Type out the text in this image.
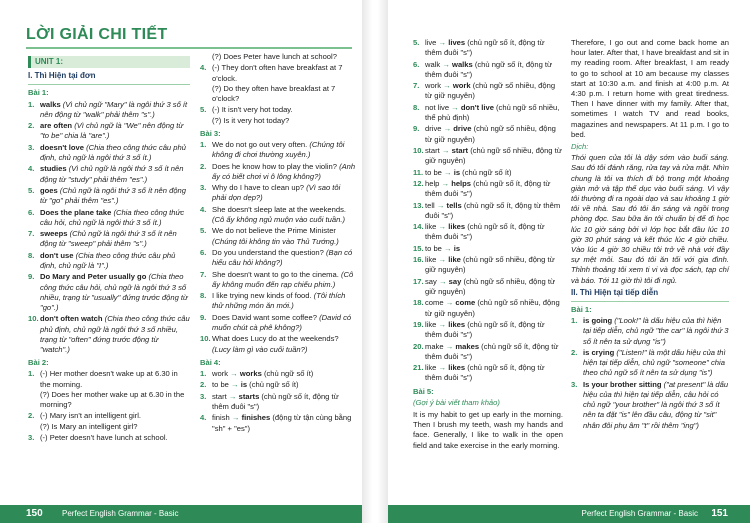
LỜI GIẢI CHI TIẾT
UNIT 1:
I. Thì Hiện tại đơn
Bài 1:
1. walks (Vì chủ ngữ "Mary" là ngôi thứ 3 số ít nên động từ "walk" phải thêm "s".)
2. are often (Vì chủ ngữ là "We" nên động từ "to be" chia là "are".)
3. doesn't love (Chia theo công thức câu phủ định, chủ ngữ là ngôi thứ 3 số ít.)
4. studies (Vì chủ ngữ là ngôi thứ 3 số ít nên động từ "study" phải thêm "es".)
5. goes (Chủ ngữ là ngôi thứ 3 số ít nên động từ "go" phải thêm "es".)
6. Does the plane take (Chia theo công thức câu hỏi, chủ ngữ là ngôi thứ 3 số ít.)
7. sweeps (Chủ ngữ là ngôi thứ 3 số ít nên động từ "sweep" phải thêm "s".)
8. don't use (Chia theo công thức câu phủ định, chủ ngữ là "I".)
9. Do Mary and Peter usually go (Chia theo công thức câu hỏi, chủ ngữ là ngôi thứ 3 số nhiều, trạng từ "usually" đứng trước động từ "go".)
10. don't often watch (Chia theo công thức câu phủ định, chủ ngữ là ngôi thứ 3 số nhiều, trạng từ "often" đứng trước động từ "watch".)
Bài 2:
1. (-) Her mother doesn't wake up at 6.30 in the morning.
(?) Does her mother wake up at 6.30 in the morning?
2. (-) Mary isn't an intelligent girl.
(?) Is Mary an intelligent girl?
3. (-) Peter doesn't have lunch at school.
(?) Does Peter have lunch at school?
4. (-) They don't often have breakfast at 7 o'clock.
(?) Do they often have breakfast at 7 o'clock?
5. (-) It isn't very hot today.
(?) Is it very hot today?
Bài 3:
1. We do not go out very often. (Chúng tôi không đi chơi thường xuyên.)
2. Does he know how to play the violin? (Anh ấy có biết chơi vi ô lông không?)
3. Why do I have to clean up? (Vì sao tôi phải dọn dẹp?)
4. She doesn't sleep late at the weekends. (Cô ấy không ngủ muộn vào cuối tuần.)
5. We do not believe the Prime Minister (Chúng tôi không tin vào Thủ Tướng.)
6. Do you understand the question? (Bạn có hiểu câu hỏi không?)
7. She doesn't want to go to the cinema. (Cô ấy không muốn đến rạp chiếu phim.)
8. I like trying new kinds of food. (Tôi thích thử những món ăn mới.)
9. Does David want some coffee? (David có muốn chút cà phê không?)
10. What does Lucy do at the weekends? (Lucy làm gì vào cuối tuần?)
Bài 4:
1. work → works (chủ ngữ số ít)
2. to be → is (chủ ngữ số ít)
3. start → starts (chủ ngữ số ít, động từ thêm đuôi "s")
4. finish → finishes (động từ tận cùng bằng "sh" + "es")
5. live → lives (chủ ngữ số ít, động từ thêm đuôi "s")
6. walk → walks (chủ ngữ số ít, động từ thêm đuôi "s")
7. work → work (chủ ngữ số nhiều, động từ giữ nguyên)
8. not live → don't live (chủ ngữ số nhiều, thể phủ định)
9. drive → drive (chủ ngữ số nhiều, động từ giữ nguyên)
10. start → start (chủ ngữ số nhiều, động từ giữ nguyên)
11. to be → is (chủ ngữ số ít)
12. help → helps (chủ ngữ số ít, động từ thêm đuôi "s")
13. tell → tells (chủ ngữ số ít, động từ thêm đuôi "s")
14. like → likes (chủ ngữ số ít, động từ thêm đuôi "s")
15. to be → is
16. like → like (chủ ngữ số nhiều, động từ giữ nguyên)
17. say → say (chủ ngữ số nhiều, động từ giữ nguyên)
18. come → come (chủ ngữ số nhiều, động từ giữ nguyên)
19. like → likes (chủ ngữ số ít, động từ thêm đuôi "s")
20. make → makes (chủ ngữ số ít, động từ thêm đuôi "s")
21. like → likes (chủ ngữ số ít, động từ thêm đuôi "s")
Bài 5:
(Gợi ý bài viết tham khảo)
It is my habit to get up early in the morning. Then I brush my teeth, wash my hands and face. Generally, I like to walk in the open field and take exercise in the early morning.
Therefore, I go out and come back home an hour later. After that, I have breakfast and sit in my reading room. After breakfast, I am ready to go to school at 10 am because my classes start at 10:30 a.m. and finish at 4:00 p.m. At 4:30 p.m. I return home with great tiredness. Then I have dinner with my family. After that, sometimes I watch TV and read books, magazines and newspapers. At 11 p.m. I go to bed.
Dịch:
Thói quen của tôi là dậy sớm vào buổi sáng. Sau đó tôi đánh răng, rửa tay và rửa mặt. Nhìn chung là tôi va thích đi bộ trong một khoảng giàn mở và tập thể dục vào buổi sáng. Vì vậy tôi thường đi ra ngoài dạo và sau khoảng 1 giờ tôi về nhà. Sau đó tôi ăn sáng và ngồi trong phòng đọc. Sau bữa ăn tôi chuẩn bị để đi học lúc 10 giờ sáng bởi vì lớp học bắt đầu lúc 10 giờ 30 phút sáng và kết thúc lúc 4 giờ chiều. Vào lúc 4 giờ 30 chiều tôi trở về nhà với đầy sự mệt mỏi. Sau đó tôi ăn tối với gia đình. Thỉnh thoảng tôi xem ti vi và đọc sách, tạp chí và báo. Tới 11 giờ thì tôi đi ngủ.
II. Thì Hiện tại tiếp diễn
Bài 1:
1. is going ("Look!" là dấu hiệu của thì hiện tại tiếp diễn, chủ ngữ "the car" là ngôi thứ 3 số ít nên ta sử dụng "is")
2. is crying ("Listen!" là một dấu hiệu của thì hiện tại tiếp diễn, chủ ngữ "someone" chia theo chủ ngữ số ít nên ta sử dụng "is")
3. Is your brother sitting ("at present" là dấu hiệu của thì hiện tại tiếp diễn, câu hỏi có chủ ngữ "your brother" là ngôi thứ 3 số ít nên ta đặt "is" lên đầu câu, động từ "sit" nhân đôi phụ âm "t" rồi thêm "ing")
150 Perfect English Grammar - Basic	Perfect English Grammar - Basic 151
